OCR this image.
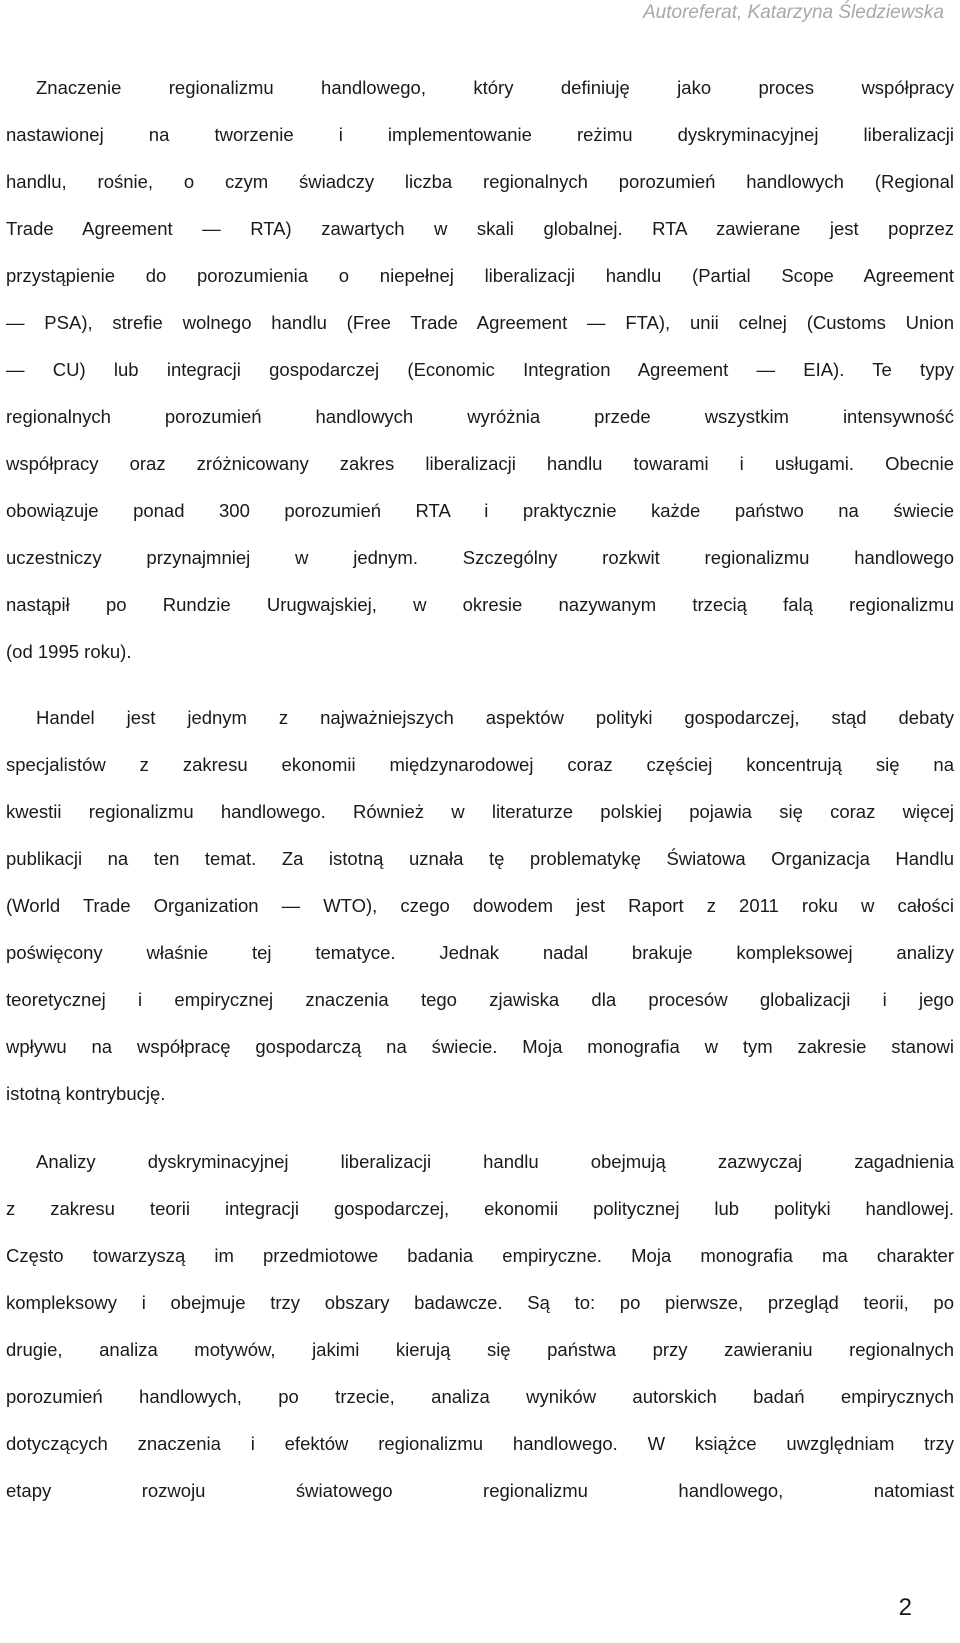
Autoreferat, Katarzyna Śledziewska
Znaczenie regionalizmu handlowego, który definiuję jako proces współpracy
nastawionej na tworzenie i implementowanie reżimu dyskryminacyjnej liberalizacji
handlu, rośnie, o czym świadczy liczba regionalnych porozumień handlowych (Regional
Trade Agreement — RTA) zawartych w skali globalnej. RTA zawierane jest poprzez
przystąpienie do porozumienia o niepełnej liberalizacji handlu (Partial Scope Agreement
— PSA), strefie wolnego handlu (Free Trade Agreement — FTA), unii celnej (Customs Union
— CU) lub integracji gospodarczej (Economic Integration Agreement — EIA). Te typy
regionalnych porozumień handlowych wyróżnia przede wszystkim intensywność
współpracy oraz zróżnicowany zakres liberalizacji handlu towarami i usługami. Obecnie
obowiązuje ponad 300 porozumień RTA i praktycznie każde państwo na świecie
uczestniczy przynajmniej w jednym. Szczególny rozkwit regionalizmu handlowego
nastąpił po Rundzie Urugwajskiej, w okresie nazywanym trzecią falą regionalizmu
(od 1995 roku).
Handel jest jednym z najważniejszych aspektów polityki gospodarczej, stąd debaty
specjalistów z zakresu ekonomii międzynarodowej coraz częściej koncentrują się na
kwestii regionalizmu handlowego. Również w literaturze polskiej pojawia się coraz więcej
publikacji na ten temat. Za istotną uznała tę problematykę Światowa Organizacja Handlu
(World Trade Organization — WTO), czego dowodem jest Raport z 2011 roku w całości
poświęcony właśnie tej tematyce. Jednak nadal brakuje kompleksowej analizy
teoretycznej i empirycznej znaczenia tego zjawiska dla procesów globalizacji i jego
wpływu na współpracę gospodarczą na świecie. Moja monografia w tym zakresie stanowi
istotną kontrybucję.
Analizy dyskryminacyjnej liberalizacji handlu obejmują zazwyczaj zagadnienia
z zakresu teorii integracji gospodarczej, ekonomii politycznej lub polityki handlowej.
Często towarzyszą im przedmiotowe badania empiryczne. Moja monografia ma charakter
kompleksowy i obejmuje trzy obszary badawcze. Są to: po pierwsze, przegląd teorii, po
drugie, analiza motywów, jakimi kierują się państwa przy zawieraniu regionalnych
porozumień handlowych, po trzecie, analiza wyników autorskich badań empirycznych
dotyczących znaczenia i efektów regionalizmu handlowego. W książce uwzględniam trzy
etapy rozwoju światowego regionalizmu handlowego, natomiast
2
